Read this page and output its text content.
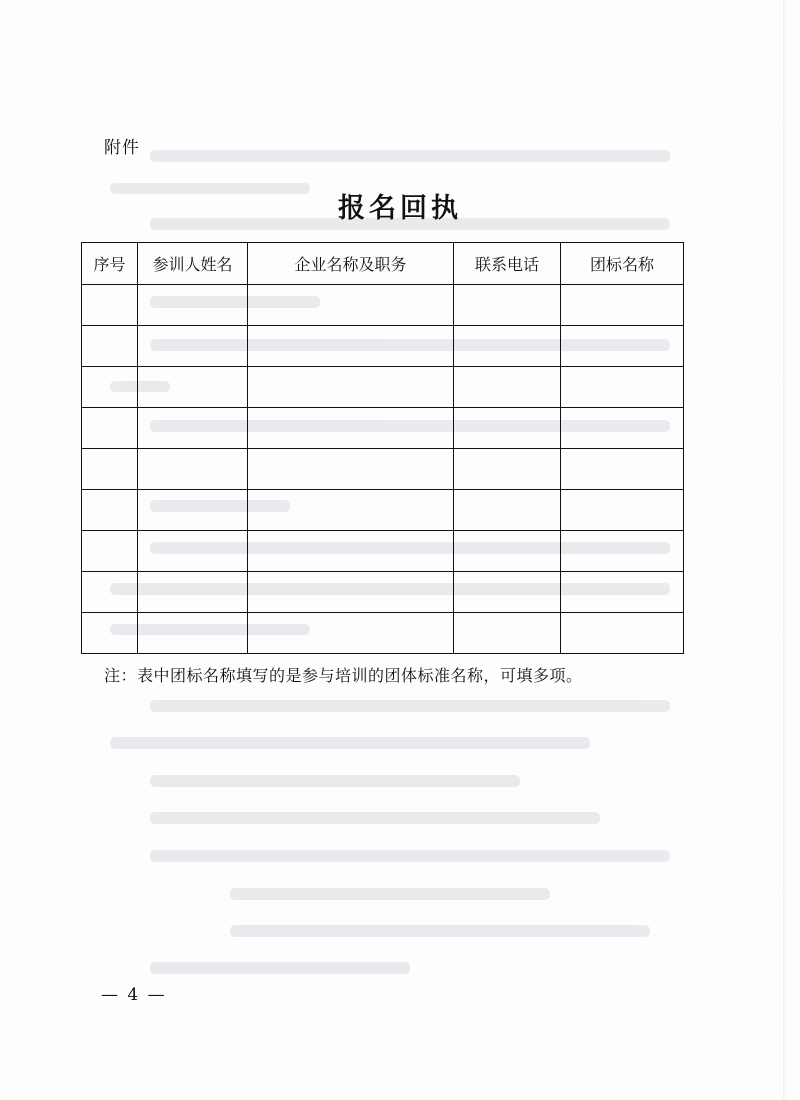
附件
报名回执
序号	参训人姓名	企业名称及职务	联系电话	团标名称

注：表中团标名称填写的是参与培训的团体标准名称，可填多项。
— 4 —
